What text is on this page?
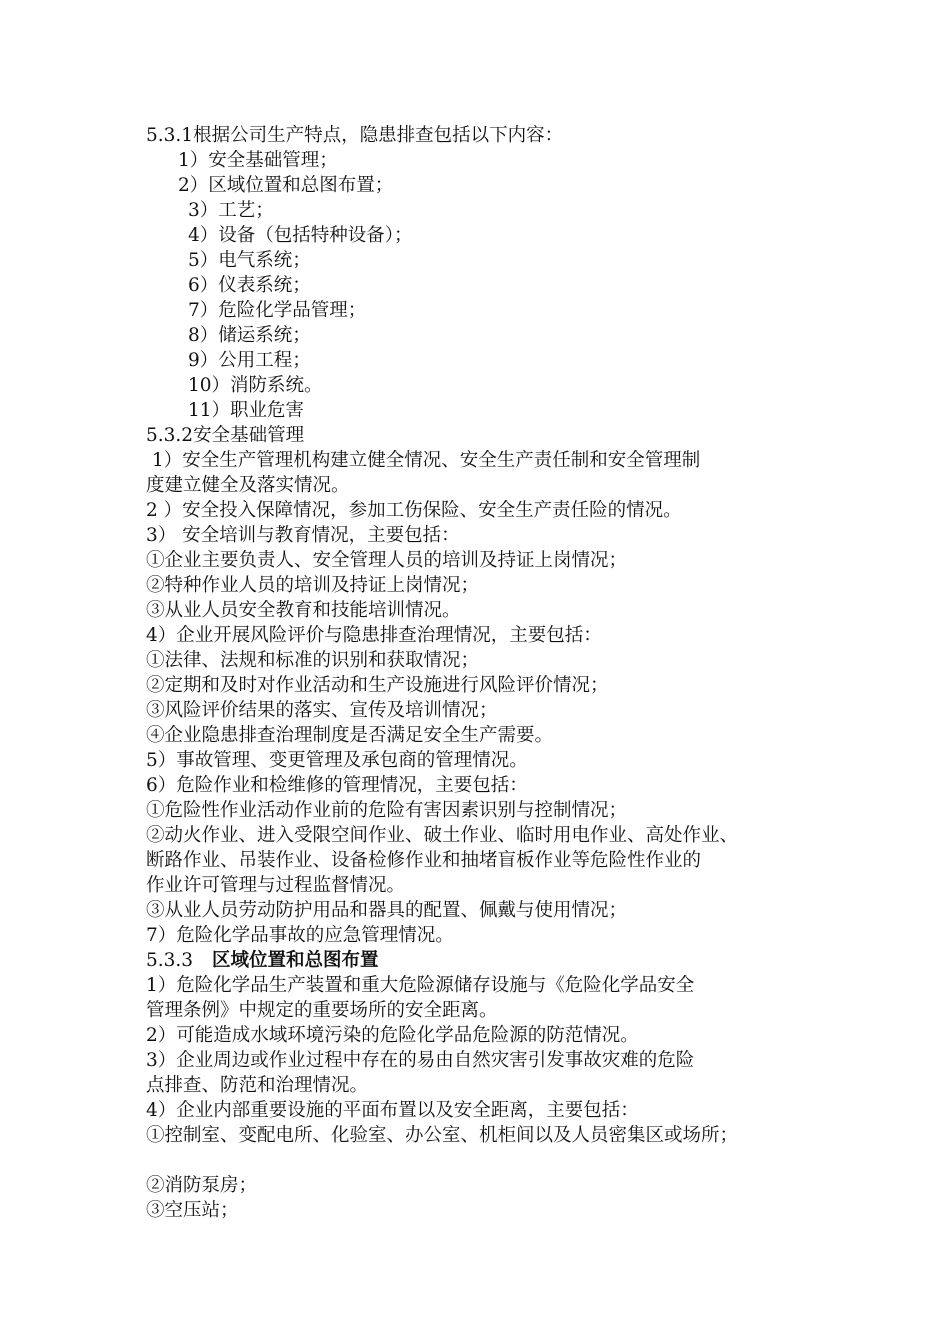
5.3.1根据公司生产特点，隐患排查包括以下内容：
1）安全基础管理；
2）区域位置和总图布置；
3）工艺；
4）设备（包括特种设备）；
5）电气系统；
6）仪表系统；
7）危险化学品管理；
8）储运系统；
9）公用工程；
10）消防系统。
11）职业危害
5.3.2安全基础管理
1）安全生产管理机构建立健全情况、安全生产责任制和安全管理制
度建立健全及落实情况。
2 ）安全投入保障情况，参加工伤保险、安全生产责任险的情况。
3） 安全培训与教育情况，主要包括：
①企业主要负责人、安全管理人员的培训及持证上岗情况；
②特种作业人员的培训及持证上岗情况；
③从业人员安全教育和技能培训情况。
4）企业开展风险评价与隐患排查治理情况，主要包括：
①法律、法规和标准的识别和获取情况；
②定期和及时对作业活动和生产设施进行风险评价情况；
③风险评价结果的落实、宣传及培训情况；
④企业隐患排查治理制度是否满足安全生产需要。
5）事故管理、变更管理及承包商的管理情况。
6）危险作业和检维修的管理情况，主要包括：
①危险性作业活动作业前的危险有害因素识别与控制情况；
②动火作业、进入受限空间作业、破土作业、临时用电作业、高处作业、
断路作业、吊装作业、设备检修作业和抽堵盲板作业等危险性作业的
作业许可管理与过程监督情况。
③从业人员劳动防护用品和器具的配置、佩戴与使用情况；
7）危险化学品事故的应急管理情况。
5.3.3 区域位置和总图布置
1）危险化学品生产装置和重大危险源储存设施与《危险化学品安全
管理条例》中规定的重要场所的安全距离。
2）可能造成水域环境污染的危险化学品危险源的防范情况。
3）企业周边或作业过程中存在的易由自然灾害引发事故灾难的危险
点排查、防范和治理情况。
4）企业内部重要设施的平面布置以及安全距离，主要包括：
①控制室、变配电所、化验室、办公室、机柜间以及人员密集区或场所；
②消防泵房；
③空压站；
